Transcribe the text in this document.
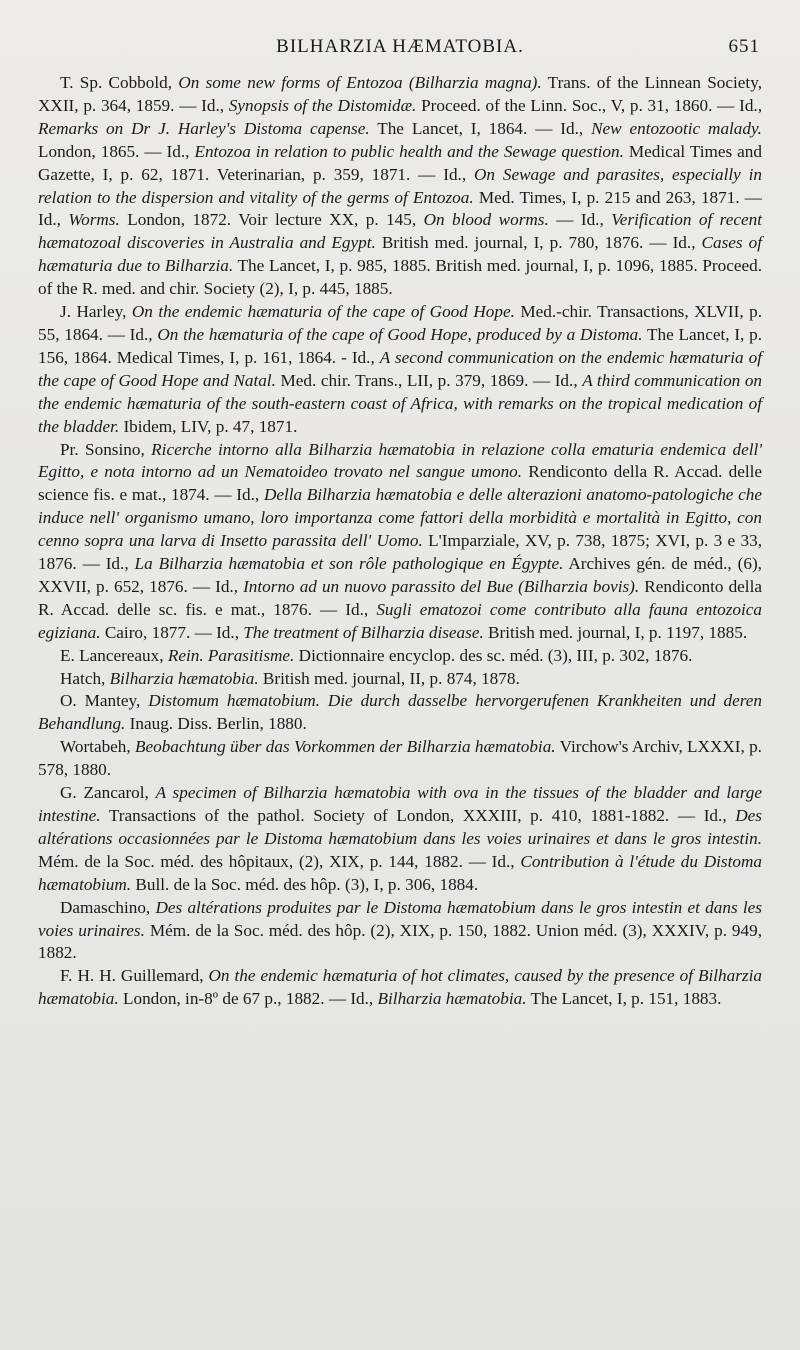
BILHARZIA HÆMATOBIA.	651

T. Sp. Cobbold, On some new forms of Entozoa (Bilharzia magna). Trans. of the Linnean Society, XXII, p. 364, 1859. — Id., Synopsis of the Distomidæ. Proceed. of the Linn. Soc., V, p. 31, 1860. — Id., Remarks on Dr J. Harley's Distoma capense. The Lancet, I, 1864. — Id., New entozootic malady. London, 1865. — Id., Entozoa in relation to public health and the Sewage question. Medical Times and Gazette, I, p. 62, 1871. Veterinarian, p. 359, 1871. — Id., On Sewage and parasites, especially in relation to the dispersion and vitality of the germs of Entozoa. Med. Times, I, p. 215 and 263, 1871. — Id., Worms. London, 1872. Voir lecture XX, p. 145, On blood worms. — Id., Verification of recent hæmatozoal discoveries in Australia and Egypt. British med. journal, I, p. 780, 1876. — Id., Cases of hæmaturia due to Bilharzia. The Lancet, I, p. 985, 1885. British med. journal, I, p. 1096, 1885. Proceed. of the R. med. and chir. Society (2), I, p. 445, 1885.

J. Harley, On the endemic hæmaturia of the cape of Good Hope. Med.-chir. Transactions, XLVII, p. 55, 1864. — Id., On the hæmaturia of the cape of Good Hope, produced by a Distoma. The Lancet, I, p. 156, 1864. Medical Times, I, p. 161, 1864. - Id., A second communication on the endemic hæmaturia of the cape of Good Hope and Natal. Med. chir. Trans., LII, p. 379, 1869. — Id., A third communication on the endemic hæmaturia of the south-eastern coast of Africa, with remarks on the tropical medication of the bladder. Ibidem, LIV, p. 47, 1871.

Pr. Sonsino, Ricerche intorno alla Bilharzia hæmatobia in relazione colla ematuria endemica dell' Egitto, e nota intorno ad un Nematoideo trovato nel sangue umono. Rendiconto della R. Accad. delle science fis. e mat., 1874. — Id., Della Bilharzia hæmatobia e delle alterazioni anatomo-patologiche che induce nell' organismo umano, loro importanza come fattori della morbidità e mortalità in Egitto, con cenno sopra una larva di Insetto parassita dell' Uomo. L'Imparziale, XV, p. 738, 1875; XVI, p. 3 e 33, 1876. — Id., La Bilharzia hæmatobia et son rôle pathologique en Égypte. Archives gén. de méd., (6), XXVII, p. 652, 1876. — Id., Intorno ad un nuovo parassito del Bue (Bilharzia bovis). Rendiconto della R. Accad. delle sc. fis. e mat., 1876. — Id., Sugli ematozoi come contributo alla fauna entozoica egiziana. Cairo, 1877. — Id., The treatment of Bilharzia disease. British med. journal, I, p. 1197, 1885.

E. Lancereaux, Rein. Parasitisme. Dictionnaire encyclop. des sc. méd. (3), III, p. 302, 1876.

Hatch, Bilharzia hæmatobia. British med. journal, II, p. 874, 1878.

O. Mantey, Distomum hæmatobium. Die durch dasselbe hervorgerufenen Krankheiten und deren Behandlung. Inaug. Diss. Berlin, 1880.

Wortabeh, Beobachtung über das Vorkommen der Bilharzia hæmatobia. Virchow's Archiv, LXXXI, p. 578, 1880.

G. Zancarol, A specimen of Bilharzia hæmatobia with ova in the tissues of the bladder and large intestine. Transactions of the pathol. Society of London, XXXIII, p. 410, 1881-1882. — Id., Des altérations occasionnées par le Distoma hæmatobium dans les voies urinaires et dans le gros intestin. Mém. de la Soc. méd. des hôpitaux, (2), XIX, p. 144, 1882. — Id., Contribution à l'étude du Distoma hæmatobium. Bull. de la Soc. méd. des hôp. (3), I, p. 306, 1884.

Damaschino, Des altérations produites par le Distoma hæmatobium dans le gros intestin et dans les voies urinaires. Mém. de la Soc. méd. des hôp. (2), XIX, p. 150, 1882. Union méd. (3), XXXIV, p. 949, 1882.

F. H. H. Guillemard, On the endemic hæmaturia of hot climates, caused by the presence of Bilharzia hæmatobia. London, in-8º de 67 p., 1882. — Id., Bilharzia hæmatobia. The Lancet, I, p. 151, 1883.
